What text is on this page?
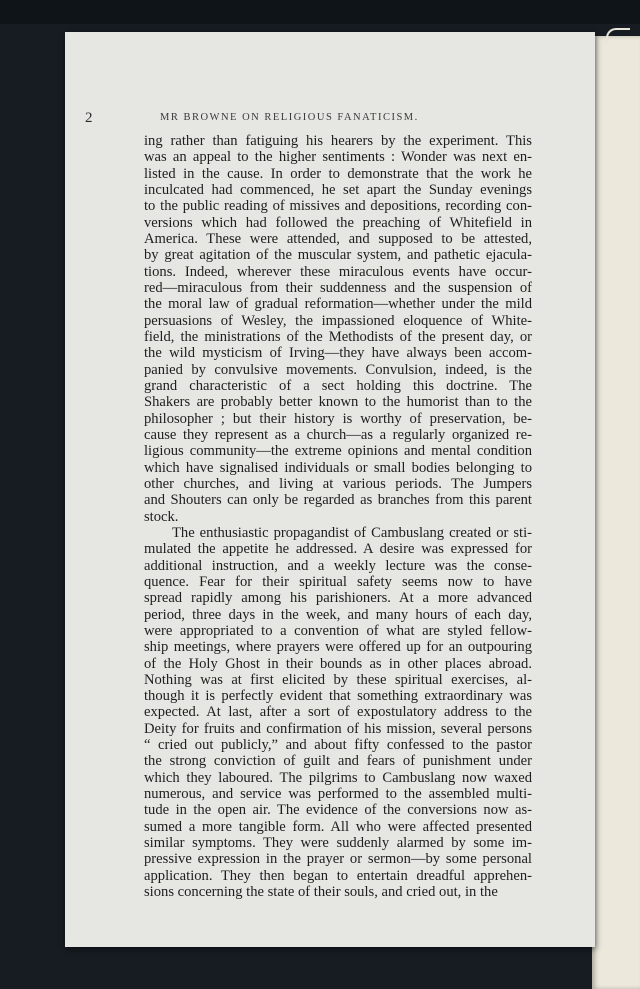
2	MR BROWNE ON RELIGIOUS FANATICISM.
ing rather than fatiguing his hearers by the experiment. This
was an appeal to the higher sentiments : Wonder was next en-
listed in the cause. In order to demonstrate that the work he
inculcated had commenced, he set apart the Sunday evenings
to the public reading of missives and depositions, recording con-
versions which had followed the preaching of Whitefield in
America. These were attended, and supposed to be attested,
by great agitation of the muscular system, and pathetic ejacula-
tions. Indeed, wherever these miraculous events have occur-
red—miraculous from their suddenness and the suspension of
the moral law of gradual reformation—whether under the mild
persuasions of Wesley, the impassioned eloquence of White-
field, the ministrations of the Methodists of the present day, or
the wild mysticism of Irving—they have always been accom-
panied by convulsive movements. Convulsion, indeed, is the
grand characteristic of a sect holding this doctrine. The
Shakers are probably better known to the humorist than to the
philosopher ; but their history is worthy of preservation, be-
cause they represent as a church—as a regularly organized re-
ligious community—the extreme opinions and mental condition
which have signalised individuals or small bodies belonging to
other churches, and living at various periods. The Jumpers
and Shouters can only be regarded as branches from this parent
stock.
The enthusiastic propagandist of Cambuslang created or sti-
mulated the appetite he addressed. A desire was expressed for
additional instruction, and a weekly lecture was the conse-
quence. Fear for their spiritual safety seems now to have
spread rapidly among his parishioners. At a more advanced
period, three days in the week, and many hours of each day,
were appropriated to a convention of what are styled fellow-
ship meetings, where prayers were offered up for an outpouring
of the Holy Ghost in their bounds as in other places abroad.
Nothing was at first elicited by these spiritual exercises, al-
though it is perfectly evident that something extraordinary was
expected. At last, after a sort of expostulatory address to the
Deity for fruits and confirmation of his mission, several persons
“ cried out publicly,” and about fifty confessed to the pastor
the strong conviction of guilt and fears of punishment under
which they laboured. The pilgrims to Cambuslang now waxed
numerous, and service was performed to the assembled multi-
tude in the open air. The evidence of the conversions now as-
sumed a more tangible form. All who were affected presented
similar symptoms. They were suddenly alarmed by some im-
pressive expression in the prayer or sermon—by some personal
application. They then began to entertain dreadful apprehen-
sions concerning the state of their souls, and cried out, in the
